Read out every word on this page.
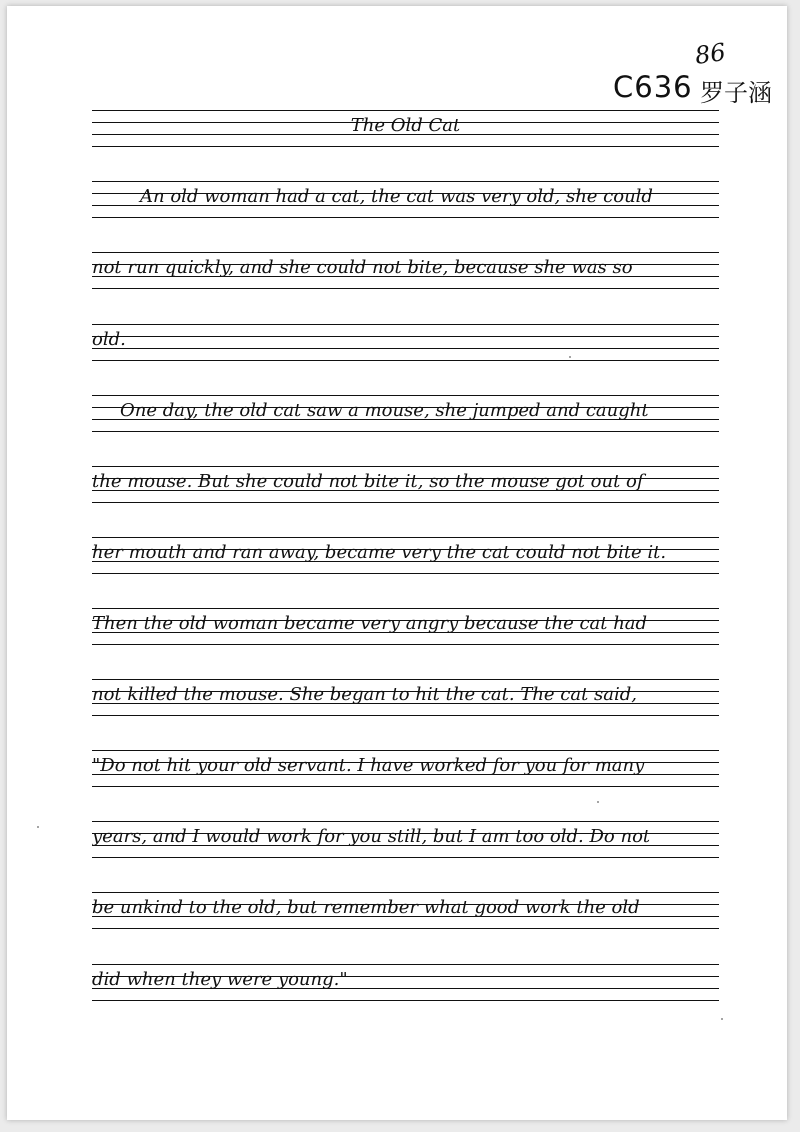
86
C636 罗子涵
The Old Cat
An old woman had a cat, the cat was very old, she could
not run quickly, and she could not bite, because she was so
old.
One day, the old cat saw a mouse, she jumped and caught
the mouse. But she could not bite it, so the mouse got out of
her mouth and ran away, became very the cat could not bite it.
Then the old woman became very angry because the cat had
not killed the mouse. She began to hit the cat. The cat said,
"Do not hit your old servant. I have worked for you for many
years, and I would work for you still, but I am too old. Do not
be unkind to the old, but remember what good work the old
did when they were young."
